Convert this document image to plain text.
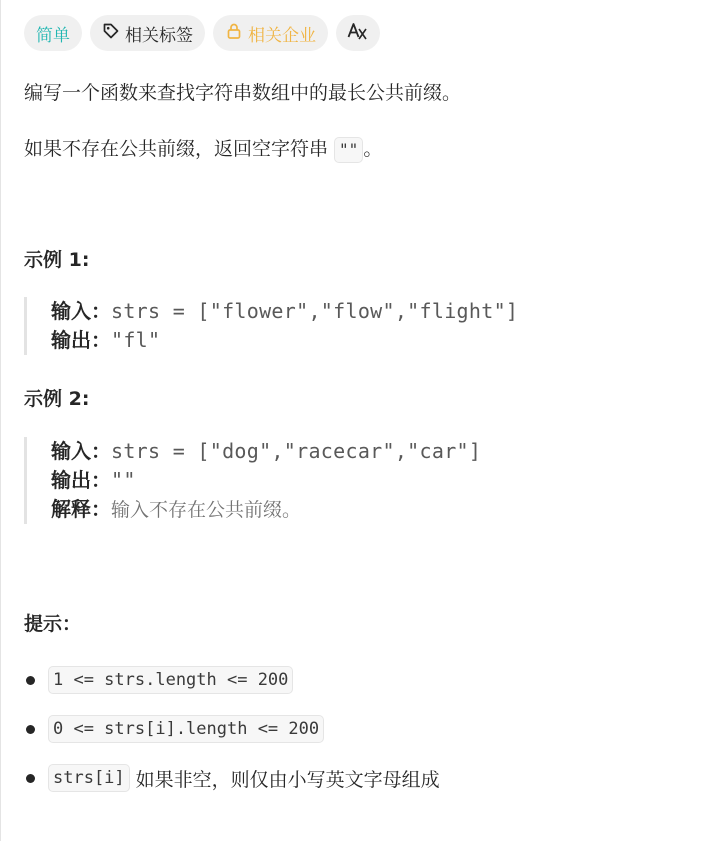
简单	相关标签	相关企业
编写一个函数来查找字符串数组中的最长公共前缀。
如果不存在公共前缀，返回空字符串 "" 。
示例 1:
输入：strs = ["flower","flow","flight"]
输出："fl"
示例 2:
输入：strs = ["dog","racecar","car"]
输出：""
解释：输入不存在公共前缀。
提示：
1 <= strs.length <= 200
0 <= strs[i].length <= 200
strs[i] 如果非空，则仅由小写英文字母组成
